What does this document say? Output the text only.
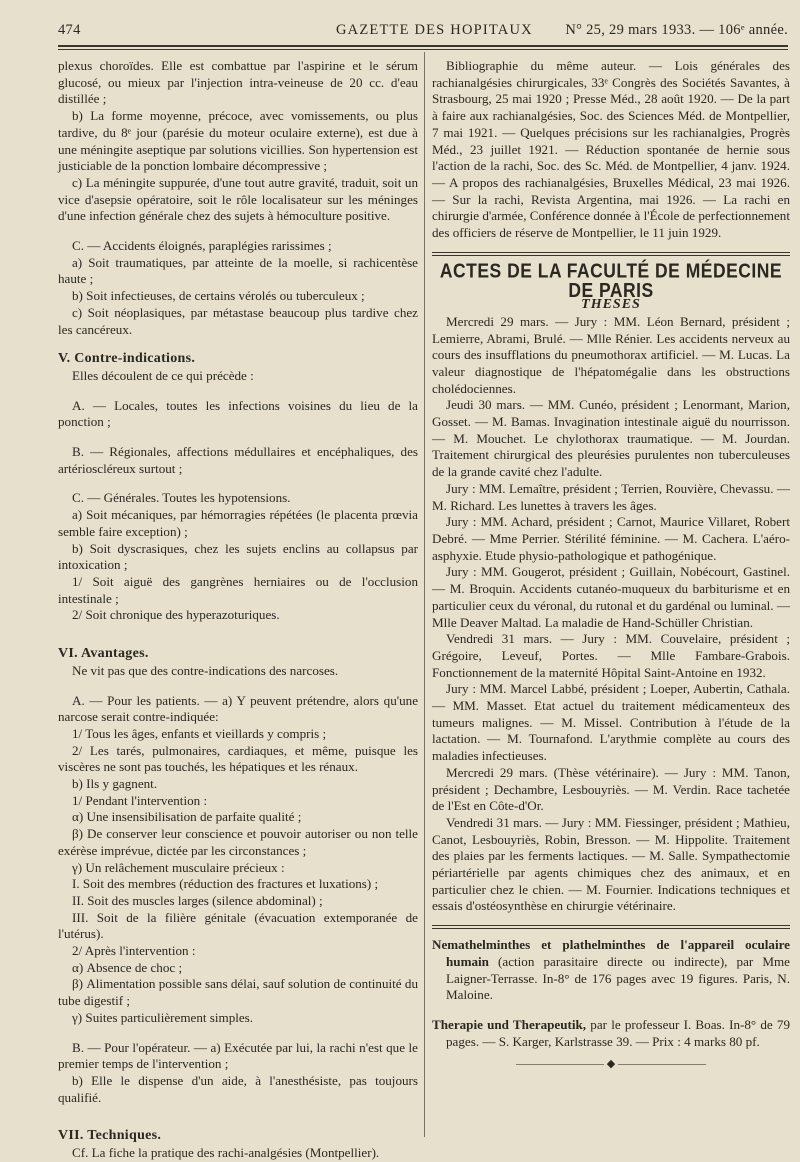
474	GAZETTE DES HOPITAUX N° 25, 29 mars 1933. — 106ᵉ année.

plexus choroïdes. Elle est combattue par l'aspirine et le sérum glucosé, ou mieux par l'injection intra-veineuse de 20 cc. d'eau distillée ;

b) La forme moyenne, précoce, avec vomissements, ou plus tardive, du 8ᵉ jour (parésie du moteur oculaire externe), est due à une méningite aseptique par solutions vicillies. Son hypertension est justiciable de la ponction lombaire décompressive ;

c) La méningite suppurée, d'une tout autre gravité, traduit, soit un vice d'asepsie opératoire, soit le rôle localisateur sur les méninges d'une infection générale chez des sujets à hémoculture positive.

C. — Accidents éloignés, paraplégies rarissimes ;

a) Soit traumatiques, par atteinte de la moelle, si rachicentèse haute ;

b) Soit infectieuses, de certains vérolés ou tuberculeux ;

c) Soit néoplasiques, par métastase beaucoup plus tardive chez les cancéreux.

V. Contre-indications.

Elles découlent de ce qui précède :

A. — Locales, toutes les infections voisines du lieu de la ponction ;

B. — Régionales, affections médullaires et encéphaliques, des artérioscléreux surtout ;

C. — Générales. Toutes les hypotensions.

a) Soit mécaniques, par hémorragies répétées (le placenta prœvia semble faire exception) ;

b) Soit dyscrasiques, chez les sujets enclins au collapsus par intoxication ;

1/ Soit aiguë des gangrènes herniaires ou de l'occlusion intestinale ;

2/ Soit chronique des hyperazoturiques.

VI. Avantages.

Ne vit pas que des contre-indications des narcoses.

A. — Pour les patients. — a) Y peuvent prétendre, alors qu'une narcose serait contre-indiquée:

1/ Tous les âges, enfants et vieillards y compris ;

2/ Les tarés, pulmonaires, cardiaques, et même, puisque les viscères ne sont pas touchés, les hépatiques et les rénaux.

b) Ils y gagnent.

1/ Pendant l'intervention :

α) Une insensibilisation de parfaite qualité ;

β) De conserver leur conscience et pouvoir autoriser ou non telle exérèse imprévue, dictée par les circonstances ;

γ) Un relâchement musculaire précieux :

I. Soit des membres (réduction des fractures et luxations) ;

II. Soit des muscles larges (silence abdominal) ;

III. Soit de la filière génitale (évacuation extemporanée de l'utérus).

2/ Après l'intervention :

α) Absence de choc ;

β) Alimentation possible sans délai, sauf solution de continuité du tube digestif ;

γ) Suites particulièrement simples.

B. — Pour l'opérateur. — a) Exécutée par lui, la rachi n'est que le premier temps de l'intervention ;

b) Elle le dispense d'un aide, à l'anesthésiste, pas toujours qualifié.

VII. Techniques.

Cf. La fiche la pratique des rachi-analgésies (Montpellier).

Bibliographie du même auteur. — Lois générales des rachianalgésies chirurgicales, 33ᵉ Congrès des Sociétés Savantes, à Strasbourg, 25 mai 1920 ; Presse Méd., 28 août 1920. — De la part à faire aux rachianalgésies, Soc. des Sciences Méd. de Montpellier, 7 mai 1921. — Quelques précisions sur les rachianalgies, Progrès Méd., 23 juillet 1921. — Réduction spontanée de hernie sous l'action de la rachi, Soc. des Sc. Méd. de Montpellier, 4 janv. 1924. — A propos des rachianalgésies, Bruxelles Médical, 23 mai 1926. — Sur la rachi, Revista Argentina, mai 1926. — La rachi en chirurgie d'armée, Conférence donnée à l'École de perfectionnement des officiers de réserve de Montpellier, le 11 juin 1929.

ACTES DE LA FACULTÉ DE MÉDECINE DE PARIS

THESES

Mercredi 29 mars. — Jury : MM. Léon Bernard, président ; Lemierre, Abrami, Brulé. — Mlle Rénier. Les accidents nerveux au cours des insufflations du pneumothorax artificiel. — M. Lucas. La valeur diagnostique de l'hépatomégalie dans les obstructions cholédociennes.

Jeudi 30 mars. — MM. Cunéo, président ; Lenormant, Marion, Gosset. — M. Bamas. Invagination intestinale aiguë du nourrisson. — M. Mouchet. Le chylothorax traumatique. — M. Jourdan. Traitement chirurgical des pleurésies purulentes non tuberculeuses de la grande cavité chez l'adulte.

Jury : MM. Lemaître, président ; Terrien, Rouvière, Chevassu. — M. Richard. Les lunettes à travers les âges.

Jury : MM. Achard, président ; Carnot, Maurice Villaret, Robert Debré. — Mme Perrier. Stérilité féminine. — M. Cachera. L'aéro-asphyxie. Etude physio-pathologique et pathogénique.

Jury : MM. Gougerot, président ; Guillain, Nobécourt, Gastinel. — M. Broquin. Accidents cutanéo-muqueux du barbiturisme et en particulier ceux du véronal, du rutonal et du gardénal ou luminal. — Mlle Deaver Maltad. La maladie de Hand-Schüller Christian.

Vendredi 31 mars. — Jury : MM. Couvelaire, président ; Grégoire, Leveuf, Portes. — Mlle Fambare-Grabois. Fonctionnement de la maternité Hôpital Saint-Antoine en 1932.

Jury : MM. Marcel Labbé, président ; Loeper, Aubertin, Cathala. — MM. Masset. Etat actuel du traitement médicamenteux des tumeurs malignes. — M. Missel. Contribution à l'étude de la lactation. — M. Tournafond. L'arythmie complète au cours des maladies infectieuses.

Mercredi 29 mars. (Thèse vétérinaire). — Jury : MM. Tanon, président ; Dechambre, Lesbouyriès. — M. Verdin. Race tachetée de l'Est en Côte-d'Or.

Vendredi 31 mars. — Jury : MM. Fiessinger, président ; Mathieu, Canot, Lesbouyriès, Robin, Bresson. — M. Hippolite. Traitement des plaies par les ferments lactiques. — M. Salle. Sympathectomie périartérielle par agents chimiques chez des animaux, et en particulier chez le chien. — M. Fournier. Indications techniques et essais d'ostéosynthèse en chirurgie vétérinaire.

Nemathelminthes et plathelminthes de l'appareil oculaire humain (action parasitaire directe ou indirecte), par Mme Laigner-Terrasse. In-8° de 176 pages avec 19 figures. Paris, N. Maloine.

Therapie und Therapeutik, par le professeur I. Boas. In-8° de 79 pages. — S. Karger, Karlstrasse 39. — Prix : 4 marks 80 pf.

———————— ◆ ————————
